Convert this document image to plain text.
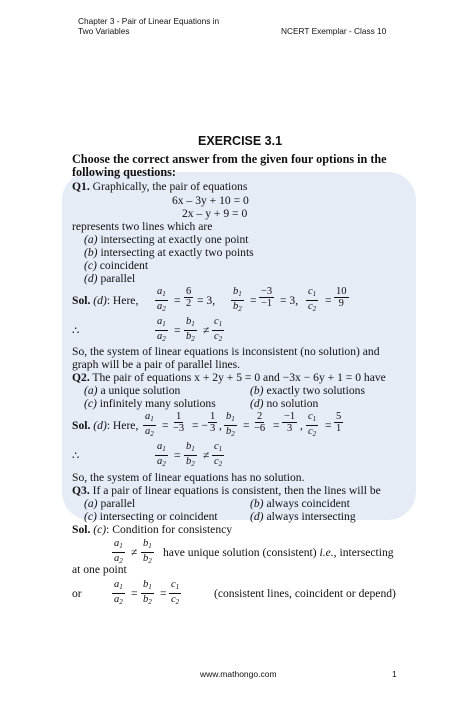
Chapter 3 - Pair of Linear Equations in
Two Variables	NCERT Exemplar - Class 10
EXERCISE 3.1
Choose the correct answer from the given four options in the
following questions:
Q1. Graphically, the pair of equations
6x – 3y + 10 = 0
2x – y + 9 = 0
represents two lines which are
(a) intersecting at exactly one point
(b) intersecting at exactly two points
(c) coincident
(d) parallel
Sol. (d): Here, $\frac{a_1}{a_2} = \frac{6}{2} = 3$, $\frac{b_1}{b_2} = \frac{-3}{-1} = 3$, $\frac{c_1}{c_2} = \frac{10}{9}$
∴	$\frac{a_1}{a_2} = \frac{b_1}{b_2} \ne \frac{c_1}{c_2}$
So, the system of linear equations is inconsistent (no solution) and
graph will be a pair of parallel lines.
Q2. The pair of equations x + 2y + 5 = 0 and −3x − 6y + 1 = 0 have
(a) a unique solution	(b) exactly two solutions
(c) infinitely many solutions	(d) no solution
Sol. (d): Here, $\frac{a_1}{a_2} = \frac{1}{-3}$ = − $\frac{1}{3}$ , $\frac{b_1}{b_2} = \frac{2}{-6} = \frac{-1}{3}$ , $\frac{c_1}{c_2} = \frac{5}{1}$
∴	$\frac{a_1}{a_2} = \frac{b_1}{b_2} \ne \frac{c_1}{c_2}$
So, the system of linear equations has no solution.
Q3. If a pair of linear equations is consistent, then the lines will be
(a) parallel	(b) always coincident
(c) intersecting or coincident	(d) always intersecting
Sol. (c): Condition for consistency
$\frac{a_1}{a_2} \ne \frac{b_1}{b_2}$ have unique solution (consistent) i.e., intersecting
at one point
or	$\frac{a_1}{a_2} = \frac{b_1}{b_2} = \frac{c_1}{c_2}$	(consistent lines, coincident or depend)
www.mathongo.com	1
